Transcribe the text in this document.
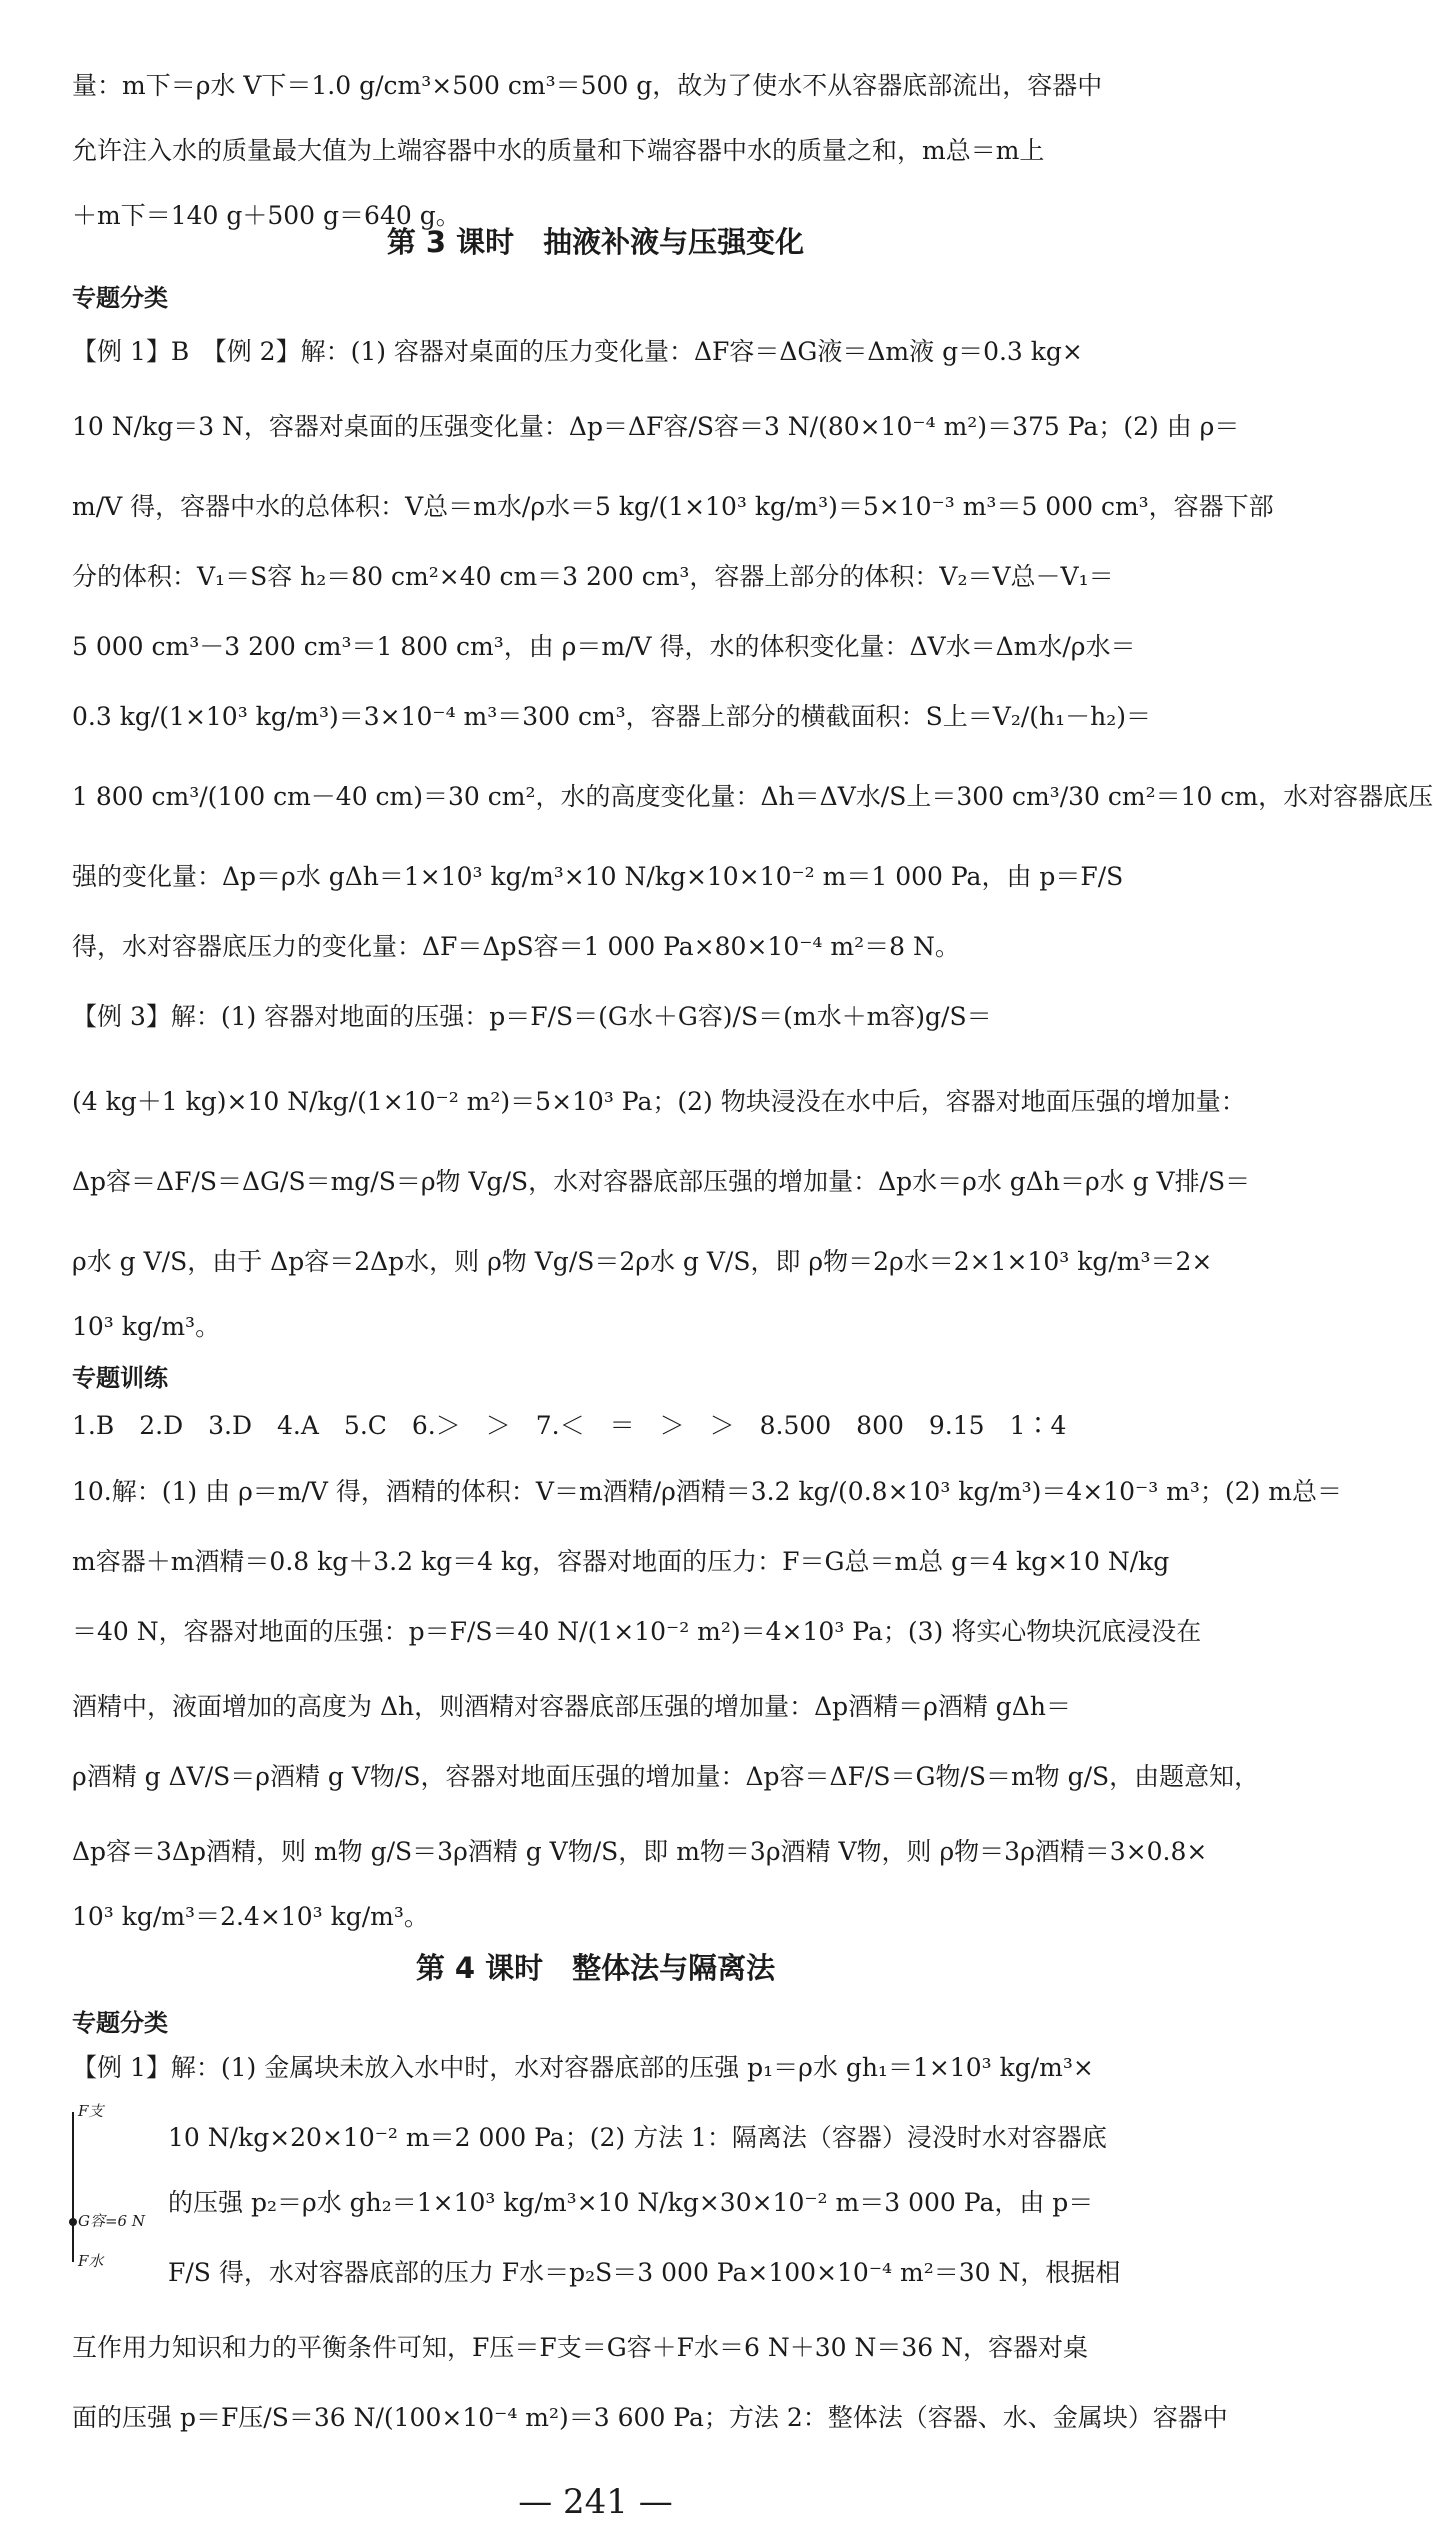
量：m下＝ρ水 V下＝1.0 g/cm³×500 cm³＝500 g，故为了使水不从容器底部流出，容器中
允许注入水的质量最大值为上端容器中水的质量和下端容器中水的质量之和，m总＝m上
＋m下＝140 g＋500 g＝640 g。
【例 1】B　【例 2】解：(1) 容器对桌面的压力变化量：ΔF容＝ΔG液＝Δm液 g＝0.3 kg×
10 N/kg＝3 N，容器对桌面的压强变化量：Δp＝ΔF容/S容＝3 N/(80×10⁻⁴ m²)＝375 Pa；(2) 由 ρ＝
m/V 得，容器中水的总体积：V总＝m水/ρ水＝5 kg/(1×10³ kg/m³)＝5×10⁻³ m³＝5 000 cm³，容器下部
分的体积：V₁＝S容 h₂＝80 cm²×40 cm＝3 200 cm³，容器上部分的体积：V₂＝V总－V₁＝
5 000 cm³－3 200 cm³＝1 800 cm³，由 ρ＝m/V 得，水的体积变化量：ΔV水＝Δm水/ρ水＝
0.3 kg/(1×10³ kg/m³)＝3×10⁻⁴ m³＝300 cm³，容器上部分的横截面积：S上＝V₂/(h₁－h₂)＝
1 800 cm³/(100 cm－40 cm)＝30 cm²，水的高度变化量：Δh＝ΔV水/S上＝300 cm³/30 cm²＝10 cm，水对容器底压
强的变化量：Δp＝ρ水 gΔh＝1×10³ kg/m³×10 N/kg×10×10⁻² m＝1 000 Pa，由 p＝F/S
得，水对容器底压力的变化量：ΔF＝ΔpS容＝1 000 Pa×80×10⁻⁴ m²＝8 N。
【例 3】解：(1) 容器对地面的压强：p＝F/S＝(G水＋G容)/S＝(m水＋m容)g/S＝
(4 kg＋1 kg)×10 N/kg/(1×10⁻² m²)＝5×10³ Pa；(2) 物块浸没在水中后，容器对地面压强的增加量：
Δp容＝ΔF/S＝ΔG/S＝mg/S＝ρ物 Vg/S，水对容器底部压强的增加量：Δp水＝ρ水 gΔh＝ρ水 g V排/S＝
ρ水 g V/S，由于 Δp容＝2Δp水，则 ρ物 Vg/S＝2ρ水 g V/S，即 ρ物＝2ρ水＝2×1×10³ kg/m³＝2×
10³ kg/m³。
1.B　2.D　3.D　4.A　5.C　6.＞　＞　7.＜　＝　＞　＞　8.500　800　9.15　1∶4
10.解：(1) 由 ρ＝m/V 得，酒精的体积：V＝m酒精/ρ酒精＝3.2 kg/(0.8×10³ kg/m³)＝4×10⁻³ m³；(2) m总＝
m容器＋m酒精＝0.8 kg＋3.2 kg＝4 kg，容器对地面的压力：F＝G总＝m总 g＝4 kg×10 N/kg
＝40 N，容器对地面的压强：p＝F/S＝40 N/(1×10⁻² m²)＝4×10³ Pa；(3) 将实心物块沉底浸没在
酒精中，液面增加的高度为 Δh，则酒精对容器底部压强的增加量：Δp酒精＝ρ酒精 gΔh＝
ρ酒精 g ΔV/S＝ρ酒精 g V物/S，容器对地面压强的增加量：Δp容＝ΔF/S＝G物/S＝m物 g/S，由题意知，
Δp容＝3Δp酒精，则 m物 g/S＝3ρ酒精 g V物/S，即 m物＝3ρ酒精 V物，则 ρ物＝3ρ酒精＝3×0.8×
10³ kg/m³＝2.4×10³ kg/m³。
【例 1】解：(1) 金属块未放入水中时，水对容器底部的压强 p₁＝ρ水 gh₁＝1×10³ kg/m³×
10 N/kg×20×10⁻² m＝2 000 Pa；(2) 方法 1：隔离法（容器）浸没时水对容器底
的压强 p₂＝ρ水 gh₂＝1×10³ kg/m³×10 N/kg×30×10⁻² m＝3 000 Pa，由 p＝
F/S 得，水对容器底部的压力 F水＝p₂S＝3 000 Pa×100×10⁻⁴ m²＝30 N，根据相
互作用力知识和力的平衡条件可知，F压＝F支＝G容＋F水＝6 N＋30 N＝36 N，容器对桌
面的压强 p＝F压/S＝36 N/(100×10⁻⁴ m²)＝3 600 Pa；方法 2：整体法（容器、水、金属块）容器中
第 3 课时　抽液补液与压强变化
第 4 课时　整体法与隔离法
专题分类
专题训练
专题分类
F支
G容=6 N
F水
— 241 —
